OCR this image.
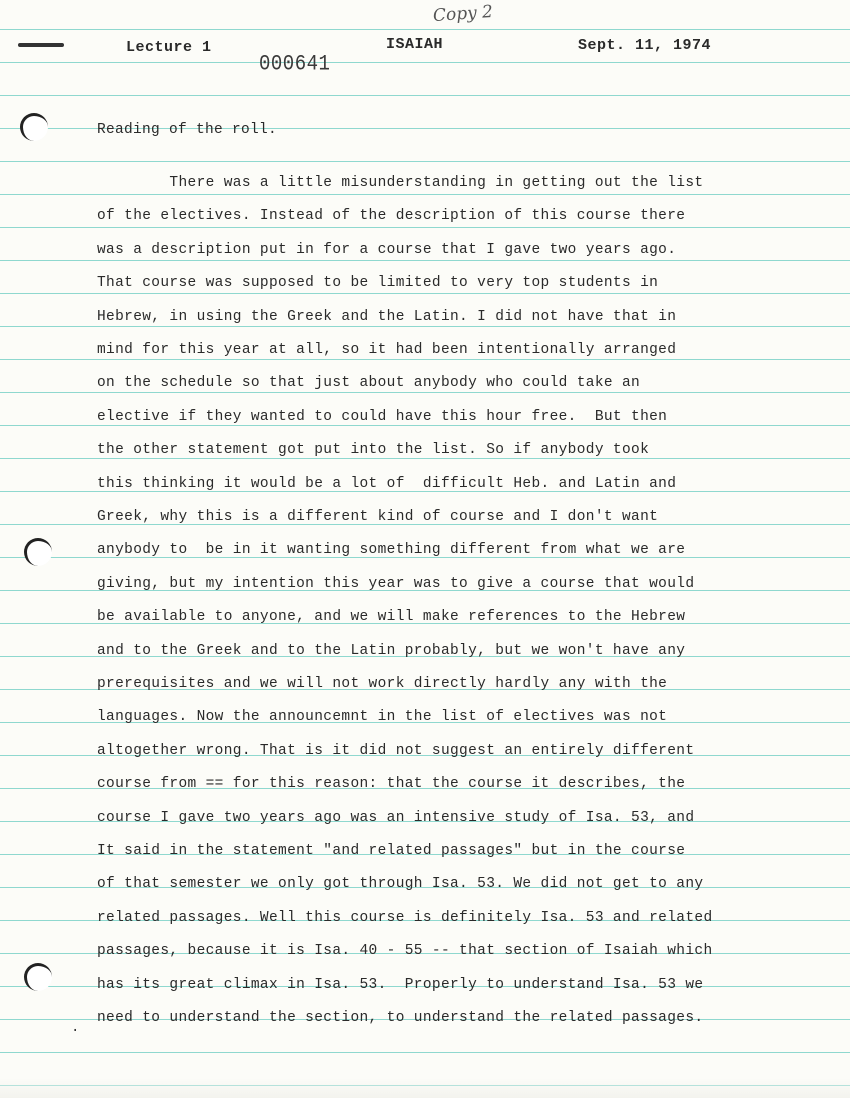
Copy 2
Lecture 1	ISAIAH	Sept. 11, 1974
000641
Reading of the roll.
There was a little misunderstanding in getting out the list
of the electives. Instead of the description of this course there
was a description put in for a course that I gave two years ago.
That course was supposed to be limited to very top students in
Hebrew, in using the Greek and the Latin. I did not have that in
mind for this year at all, so it had been intentionally arranged
on the schedule so that just about anybody who could take an
elective if they wanted to could have this hour free.  But then
the other statement got put into the list. So if anybody took
this thinking it would be a lot of  difficult Heb. and Latin and
Greek, why this is a different kind of course and I don't want
anybody to  be in it wanting something different from what we are
giving, but my intention this year was to give a course that would
be available to anyone, and we will make references to the Hebrew
and to the Greek and to the Latin probably, but we won't have any
prerequisites and we will not work directly hardly any with the
languages. Now the announcemnt in the list of electives was not
altogether wrong. That is it did not suggest an entirely different
course from == for this reason: that the course it describes, the
course I gave two years ago was an intensive study of Isa. 53, and
It said in the statement "and related passages" but in the course
of that semester we only got through Isa. 53. We did not get to any
related passages. Well this course is definitely Isa. 53 and related
passages, because it is Isa. 40 - 55 -- that section of Isaiah which
has its great climax in Isa. 53.  Properly to understand Isa. 53 we
need to understand the section, to understand the related passages.
.
